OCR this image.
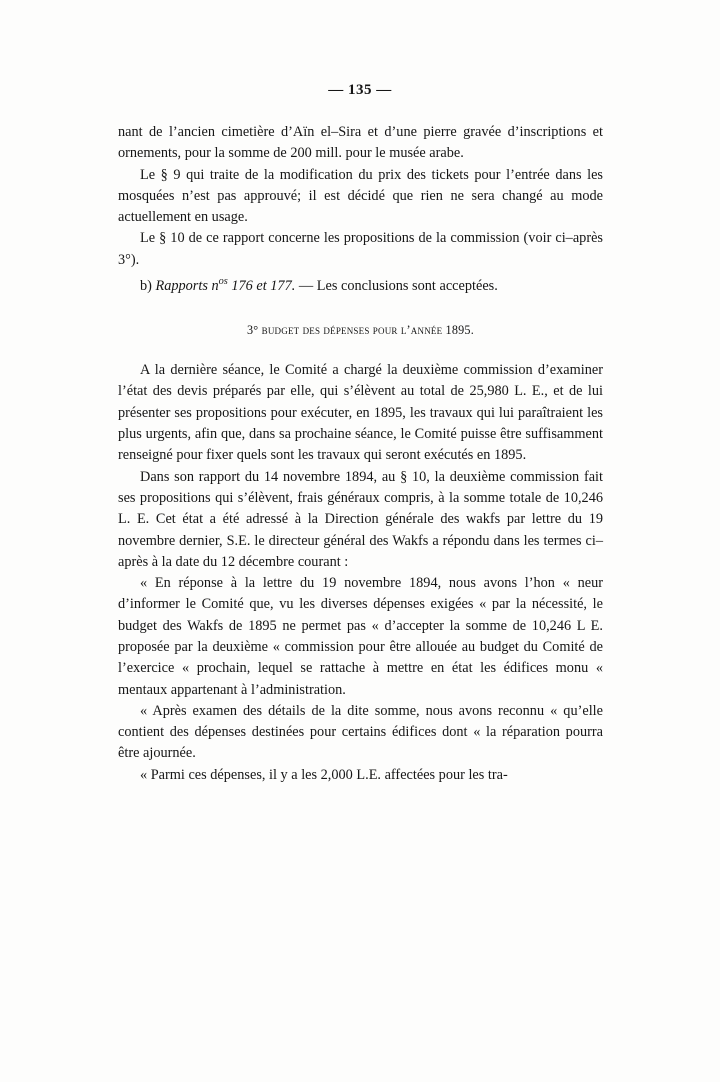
— 135 —

nant de l’ancien cimetière d’Aïn el–Sira et d’une pierre gravée d’inscriptions et ornements, pour la somme de 200 mill. pour le musée arabe.

Le § 9 qui traite de la modification du prix des tickets pour l’entrée dans les mosquées n’est pas approuvé; il est décidé que rien ne sera changé au mode actuellement en usage.

Le § 10 de ce rapport concerne les propositions de la commission (voir ci–après 3°).

b) Rapports $n^{os}$ 176 et 177. — Les conclusions sont acceptées.

3° budget des dépenses pour l’année 1895.

A la dernière séance, le Comité a chargé la deuxième commission d’examiner l’état des devis préparés par elle, qui s’élèvent au total de 25,980 L. E., et de lui présenter ses propositions pour exécuter, en 1895, les travaux qui lui paraîtraient les plus urgents, afin que, dans sa prochaine séance, le Comité puisse être suffisamment renseigné pour fixer quels sont les travaux qui seront exécutés en 1895.

Dans son rapport du 14 novembre 1894, au § 10, la deuxième commission fait ses propositions qui s’élèvent, frais généraux compris, à la somme totale de 10,246 L. E. Cet état a été adressé à la Direction générale des wakfs par lettre du 19 novembre dernier, S.E. le directeur général des Wakfs a répondu dans les termes ci–après à la date du 12 décembre courant :

« En réponse à la lettre du 19 novembre 1894, nous avons l’hon « neur d’informer le Comité que, vu les diverses dépenses exigées « par la nécessité, le budget des Wakfs de 1895 ne permet pas « d’accepter la somme de 10,246 L E. proposée par la deuxième « commission pour être allouée au budget du Comité de l’exercice « prochain, lequel se rattache à mettre en état les édifices monu « mentaux appartenant à l’administration.

« Après examen des détails de la dite somme, nous avons reconnu « qu’elle contient des dépenses destinées pour certains édifices dont « la réparation pourra être ajournée.

« Parmi ces dépenses, il y a les 2,000 L.E. affectées pour les tra-
